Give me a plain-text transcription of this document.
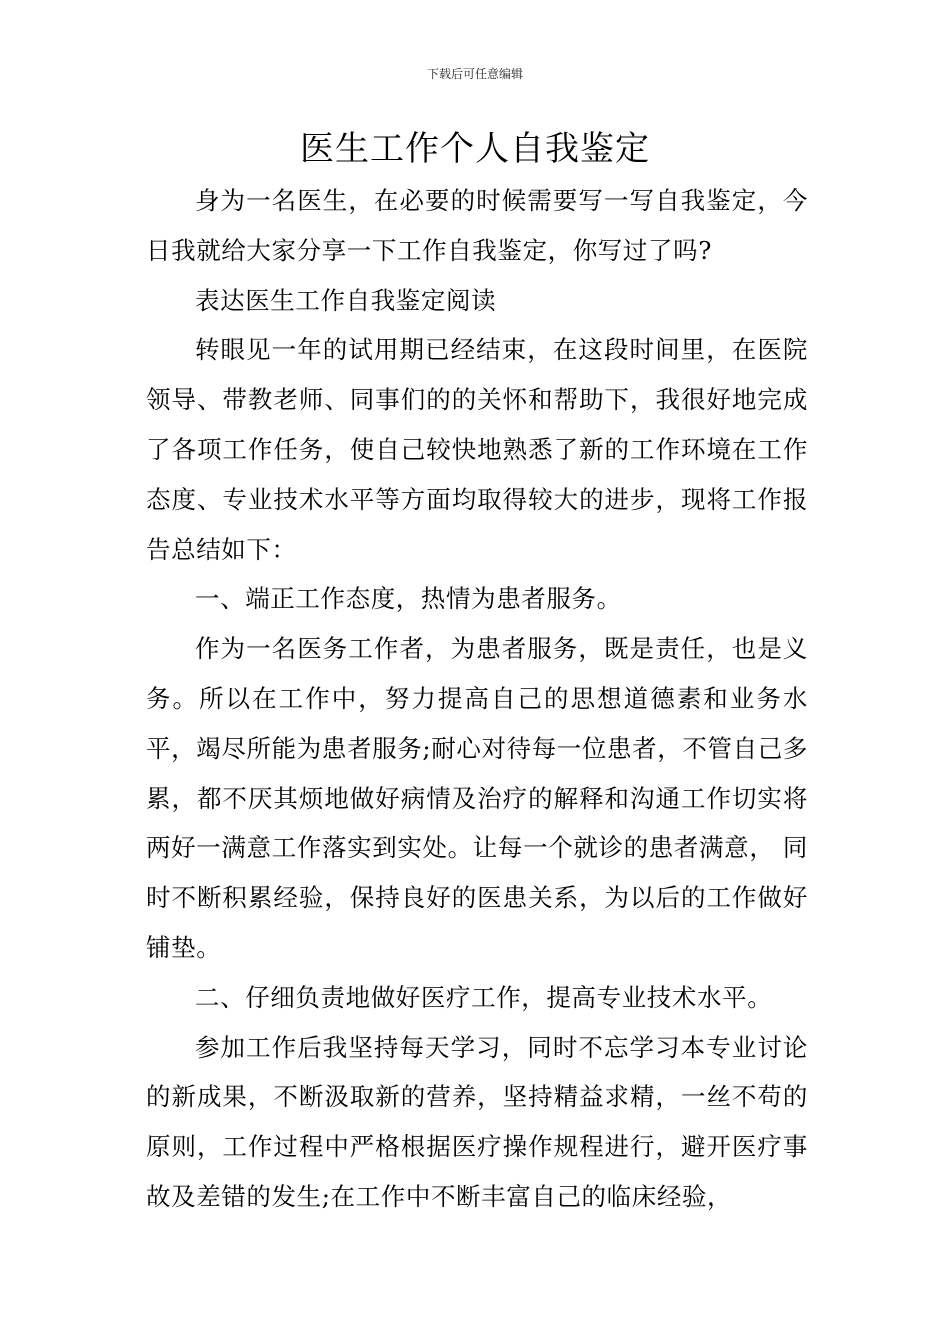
下载后可任意编辑
医生工作个人自我鉴定

身为一名医生，在必要的时候需要写一写自我鉴定，今日我就给大家分享一下工作自我鉴定，你写过了吗?

表达医生工作自我鉴定阅读

转眼见一年的试用期已经结束，在这段时间里，在医院领导、带教老师、同事们的的关怀和帮助下，我很好地完成了各项工作任务，使自己较快地熟悉了新的工作环境在工作态度、专业技术水平等方面均取得较大的进步，现将工作报告总结如下：

一、端正工作态度，热情为患者服务。

作为一名医务工作者，为患者服务，既是责任，也是义务。所以在工作中，努力提高自己的思想道德素和业务水平，竭尽所能为患者服务;耐心对待每一位患者，不管自己多累，都不厌其烦地做好病情及治疗的解释和沟通工作切实将两好一满意工作落实到实处。让每一个就诊的患者满意， 同时不断积累经验，保持良好的医患关系，为以后的工作做好铺垫。

二、仔细负责地做好医疗工作，提高专业技术水平。

参加工作后我坚持每天学习，同时不忘学习本专业讨论的新成果，不断汲取新的营养，坚持精益求精，一丝不苟的原则，工作过程中严格根据医疗操作规程进行，避开医疗事故及差错的发生;在工作中不断丰富自己的临床经验，
